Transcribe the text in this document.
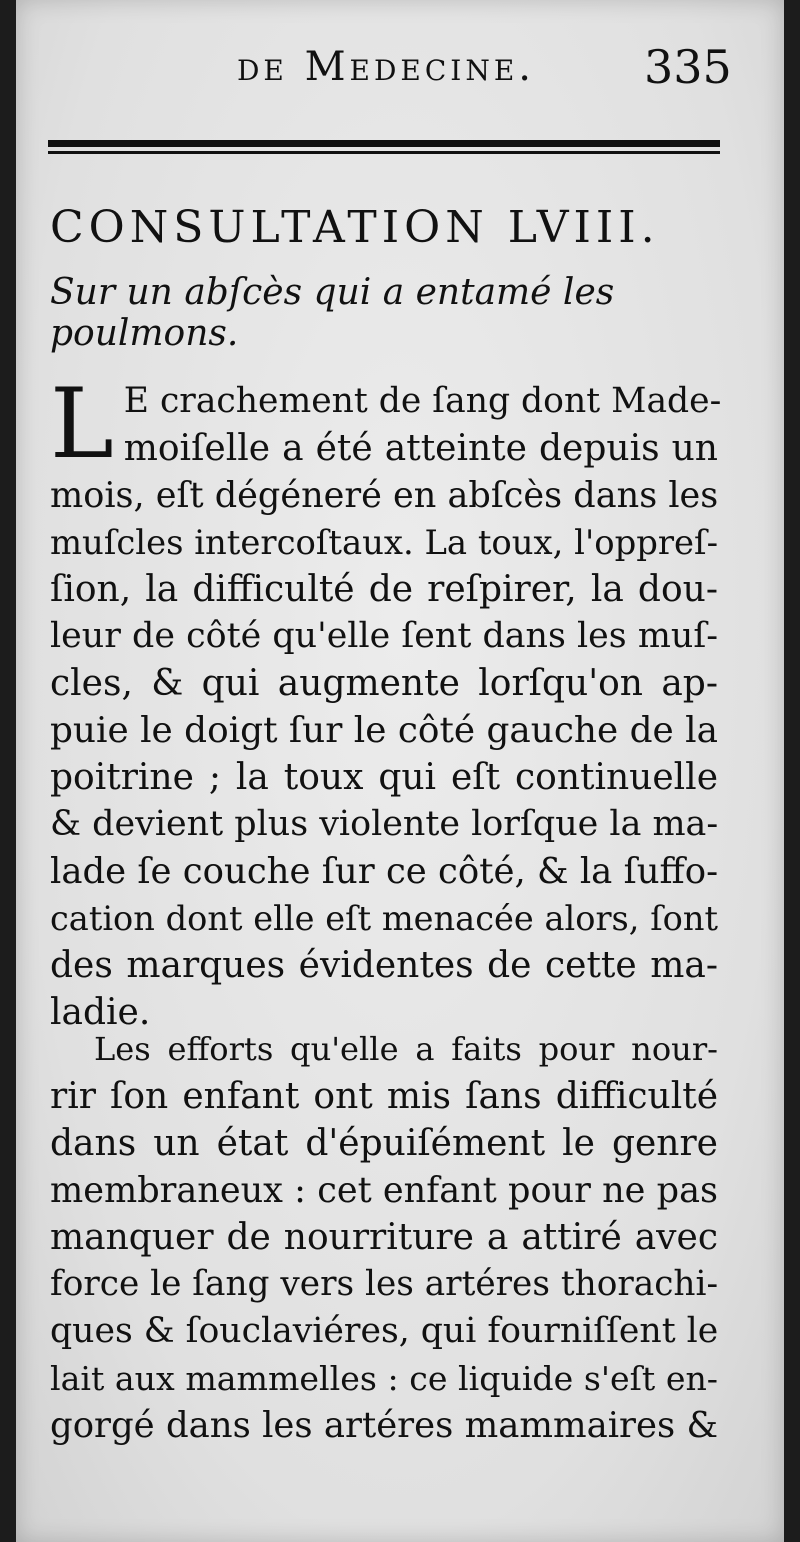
de Medecine.	335
CONSULTATION LVIII.
Sur un abſcès qui a entamé les poulmons.
L E crachement de ſang dont Made-
moiſelle a été atteinte depuis un
mois, eſt dégéneré en abſcès dans les
muſcles intercoſtaux. La toux, l'oppreſ-
ſion, la difficulté de reſpirer, la dou-
leur de côté qu'elle ſent dans les muſ-
cles, & qui augmente lorſqu'on ap-
puie le doigt ſur le côté gauche de la
poitrine ; la toux qui eſt continuelle
& devient plus violente lorſque la ma-
lade ſe couche ſur ce côté, & la ſuffo-
cation dont elle eſt menacée alors, ſont
des marques évidentes de cette ma-
ladie.
Les efforts qu'elle a faits pour nour-
rir ſon enfant ont mis ſans difficulté
dans un état d'épuiſément le genre
membraneux : cet enfant pour ne pas
manquer de nourriture a attiré avec
force le ſang vers les artéres thorachi-
ques & ſouclaviéres, qui fourniſſent le
lait aux mammelles : ce liquide s'eſt en-
gorgé dans les artéres mammaires &
